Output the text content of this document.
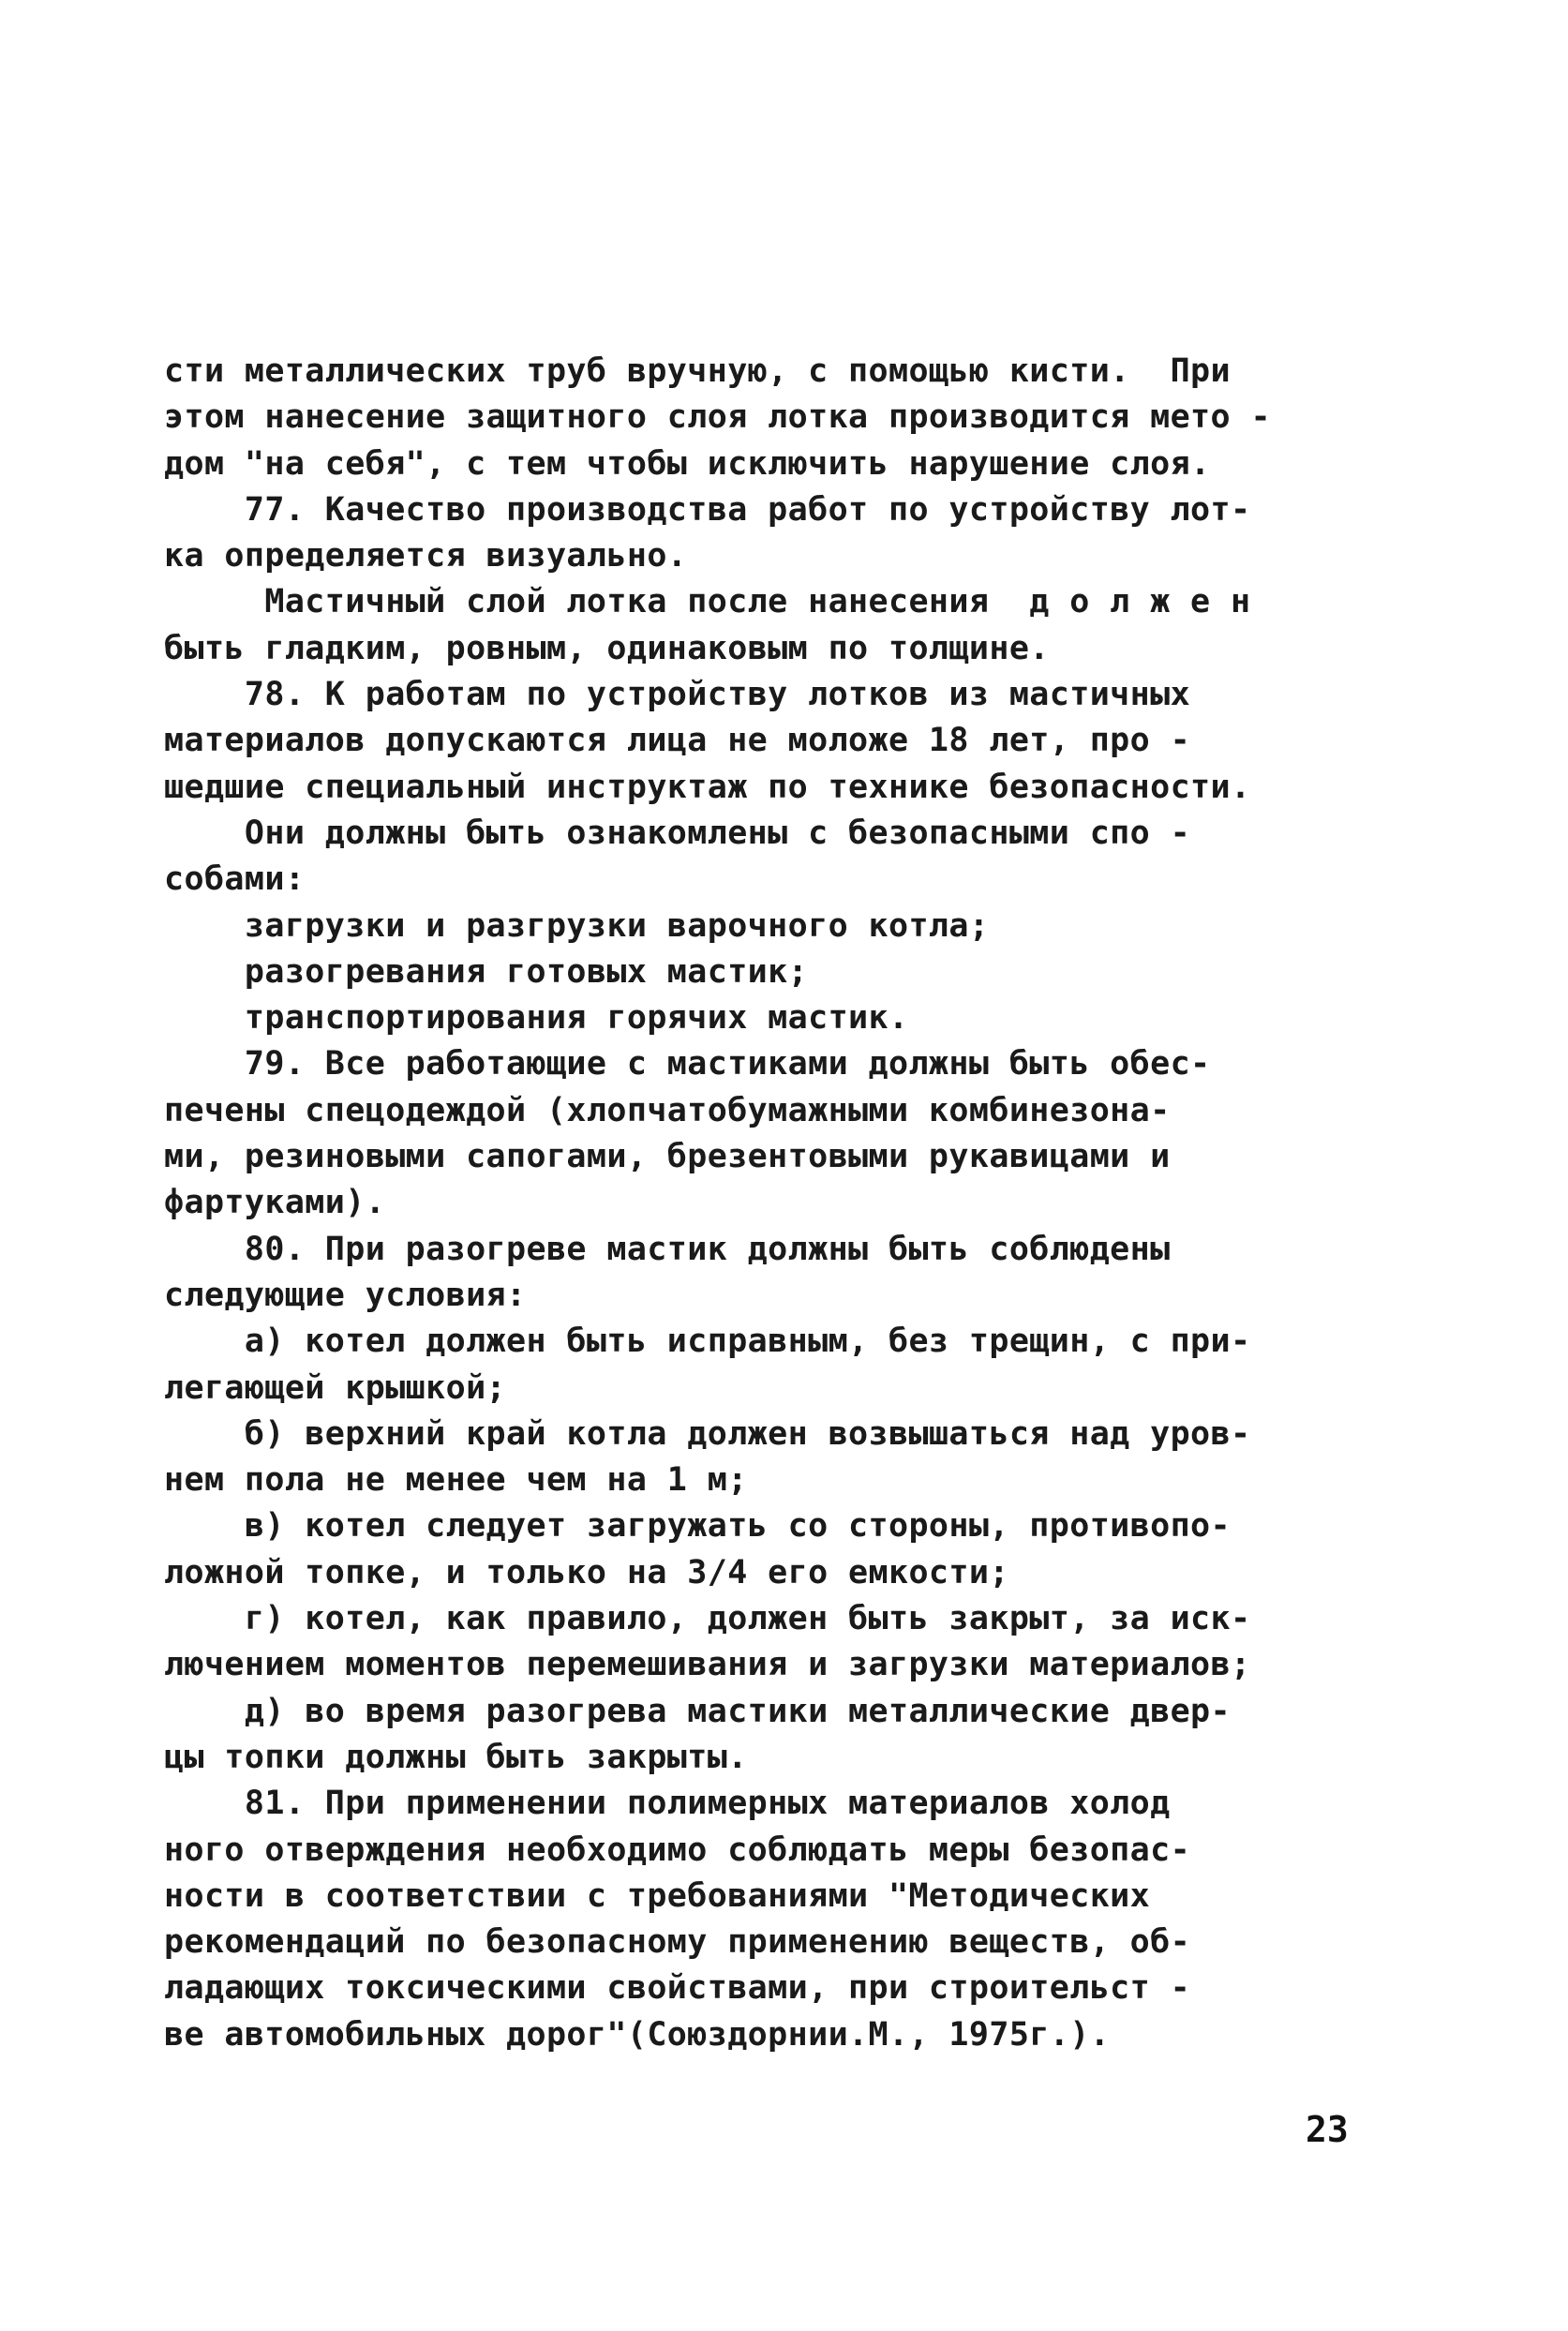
сти металлических труб вручную, с помощью кисти.  При
этом нанесение защитного слоя лотка производится мето -
дом "на себя", с тем чтобы исключить нарушение слоя.
77. Качество производства работ по устройству лот-
ка определяется визуально.
Мастичный слой лотка после нанесения  д о л ж е н
быть гладким, ровным, одинаковым по толщине.
78. К работам по устройству лотков из мастичных
материалов допускаются лица не моложе 18 лет, про -
шедшие специальный инструктаж по технике безопасности.
Они должны быть ознакомлены с безопасными спо -
собами:
загрузки и разгрузки варочного котла;
разогревания готовых мастик;
транспортирования горячих мастик.
79. Все работающие с мастиками должны быть обес-
печены спецодеждой (хлопчатобумажными комбинезона-
ми, резиновыми сапогами, брезентовыми рукавицами и
фартуками).
80. При разогреве мастик должны быть соблюдены
следующие условия:
а) котел должен быть исправным, без трещин, с при-
легающей крышкой;
б) верхний край котла должен возвышаться над уров-
нем пола не менее чем на 1 м;
в) котел следует загружать со стороны, противопо-
ложной топке, и только на 3/4 его емкости;
г) котел, как правило, должен быть закрыт, за иск-
лючением моментов перемешивания и загрузки материалов;
д) во время разогрева мастики металлические двер-
цы топки должны быть закрыты.
81. При применении полимерных материалов холод
ного отверждения необходимо соблюдать меры безопас-
ности в соответствии с требованиями "Методических
рекомендаций по безопасному применению веществ, об-
ладающих токсическими свойствами, при строительст -
ве автомобильных дорог"(Союздорнии.М., 1975г.).
23
